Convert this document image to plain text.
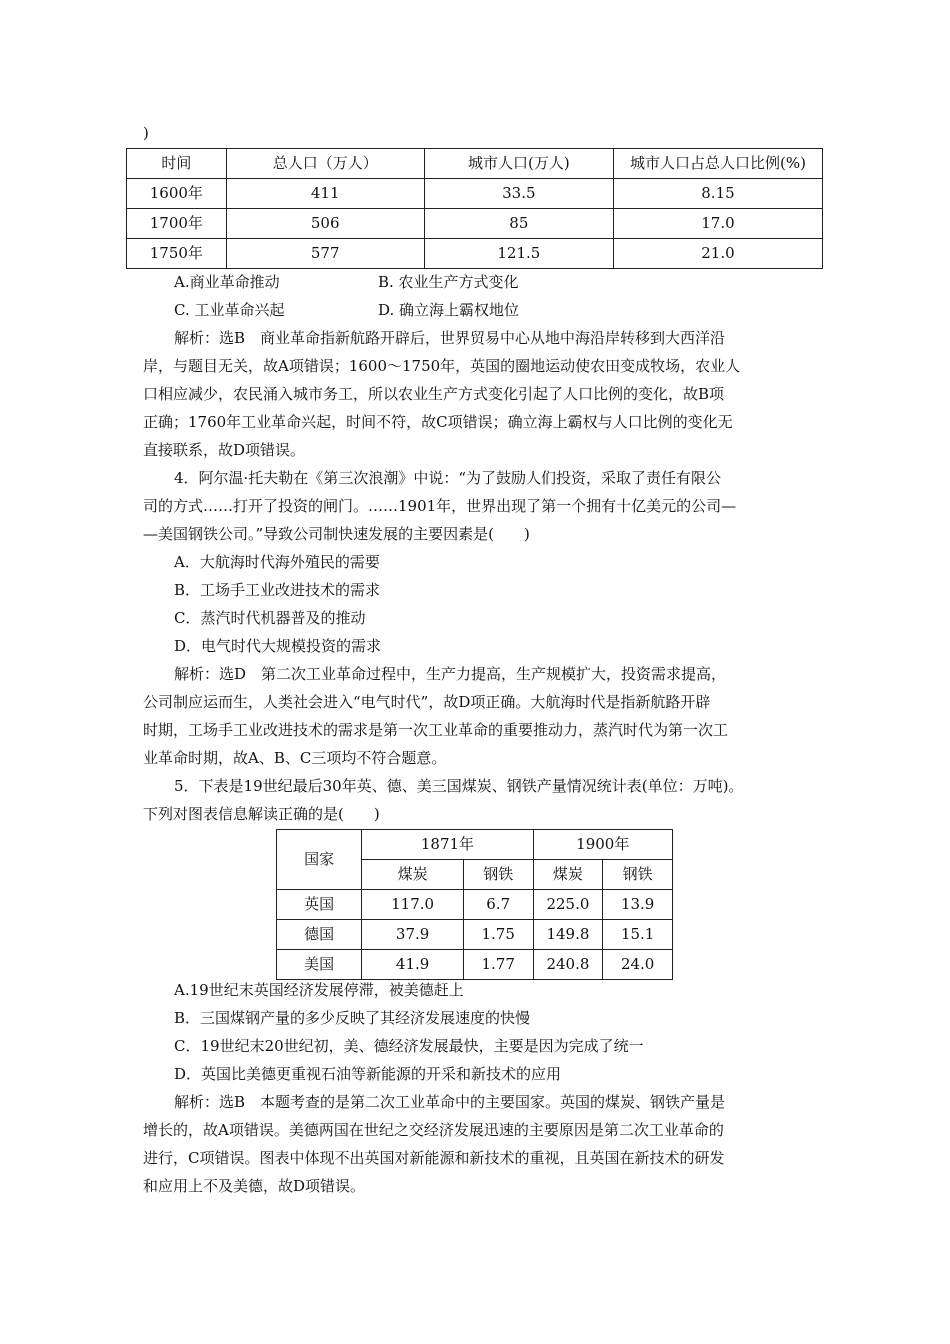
)
时间	总人口（万人）	城市人口(万人)	城市人口占总人口比例(%)
1600年	411	33.5	8.15
1700年	506	85	17.0
1750年	577	121.5	21.0
A.商业革命推动	B. 农业生产方式变化
C. 工业革命兴起	D. 确立海上霸权地位
解析：选B　商业革命指新航路开辟后，世界贸易中心从地中海沿岸转移到大西洋沿
岸，与题目无关，故A项错误；1600～1750年，英国的圈地运动使农田变成牧场，农业人
口相应减少，农民涌入城市务工，所以农业生产方式变化引起了人口比例的变化，故B项
正确；1760年工业革命兴起，时间不符，故C项错误；确立海上霸权与人口比例的变化无
直接联系，故D项错误。
4．阿尔温·托夫勒在《第三次浪潮》中说：“为了鼓励人们投资，采取了责任有限公
司的方式……打开了投资的闸门。……1901年，世界出现了第一个拥有十亿美元的公司—
—美国钢铁公司。”导致公司制快速发展的主要因素是(　　)
A．大航海时代海外殖民的需要
B．工场手工业改进技术的需求
C．蒸汽时代机器普及的推动
D．电气时代大规模投资的需求
解析：选D　第二次工业革命过程中，生产力提高，生产规模扩大，投资需求提高，
公司制应运而生，人类社会进入“电气时代”，故D项正确。大航海时代是指新航路开辟
时期，工场手工业改进技术的需求是第一次工业革命的重要推动力，蒸汽时代为第一次工
业革命时期，故A、B、C三项均不符合题意。
5．下表是19世纪最后30年英、德、美三国煤炭、钢铁产量情况统计表(单位：万吨)。
下列对图表信息解读正确的是(　　)
国家	1871年		1900年	
	煤炭	钢铁	煤炭	钢铁
英国	117.0	6.7	225.0	13.9
德国	37.9	1.75	149.8	15.1
美国	41.9	1.77	240.8	24.0
A.19世纪末英国经济发展停滞，被美德赶上
B．三国煤钢产量的多少反映了其经济发展速度的快慢
C．19世纪末20世纪初，美、德经济发展最快，主要是因为完成了统一
D．英国比美德更重视石油等新能源的开采和新技术的应用
解析：选B　本题考查的是第二次工业革命中的主要国家。英国的煤炭、钢铁产量是
增长的，故A项错误。美德两国在世纪之交经济发展迅速的主要原因是第二次工业革命的
进行，C项错误。图表中体现不出英国对新能源和新技术的重视，且英国在新技术的研发
和应用上不及美德，故D项错误。
